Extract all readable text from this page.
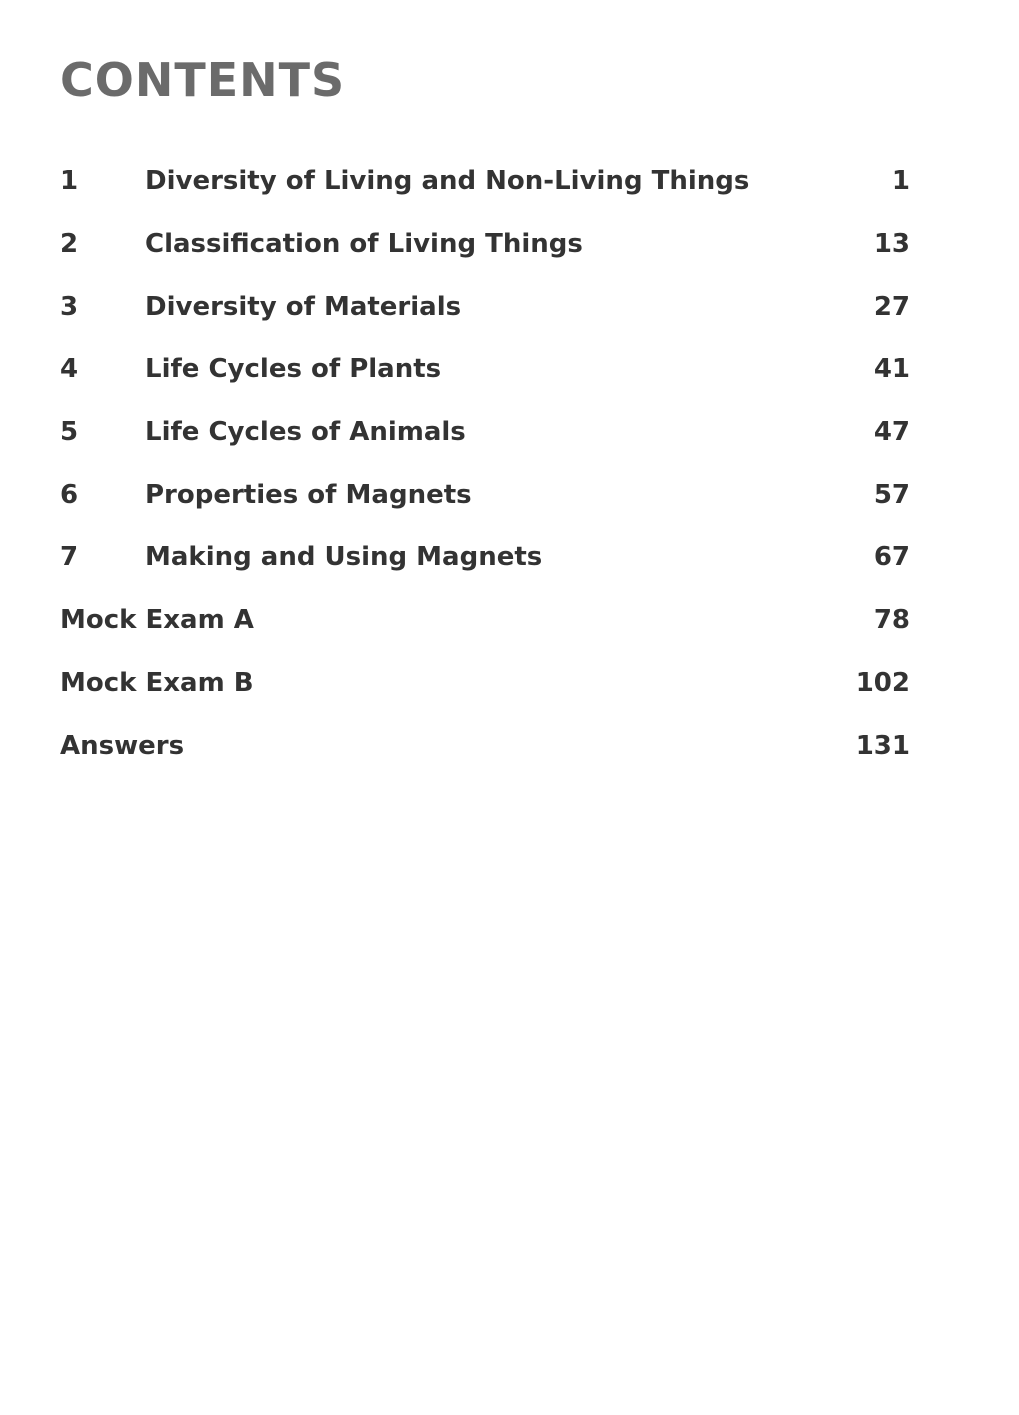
CONTENTS
1	Diversity of Living and Non-Living Things	1
2	Classification of Living Things	13
3	Diversity of Materials	27
4	Life Cycles of Plants	41
5	Life Cycles of Animals	47
6	Properties of Magnets	57
7	Making and Using Magnets	67
Mock Exam A	78
Mock Exam B	102
Answers	131
